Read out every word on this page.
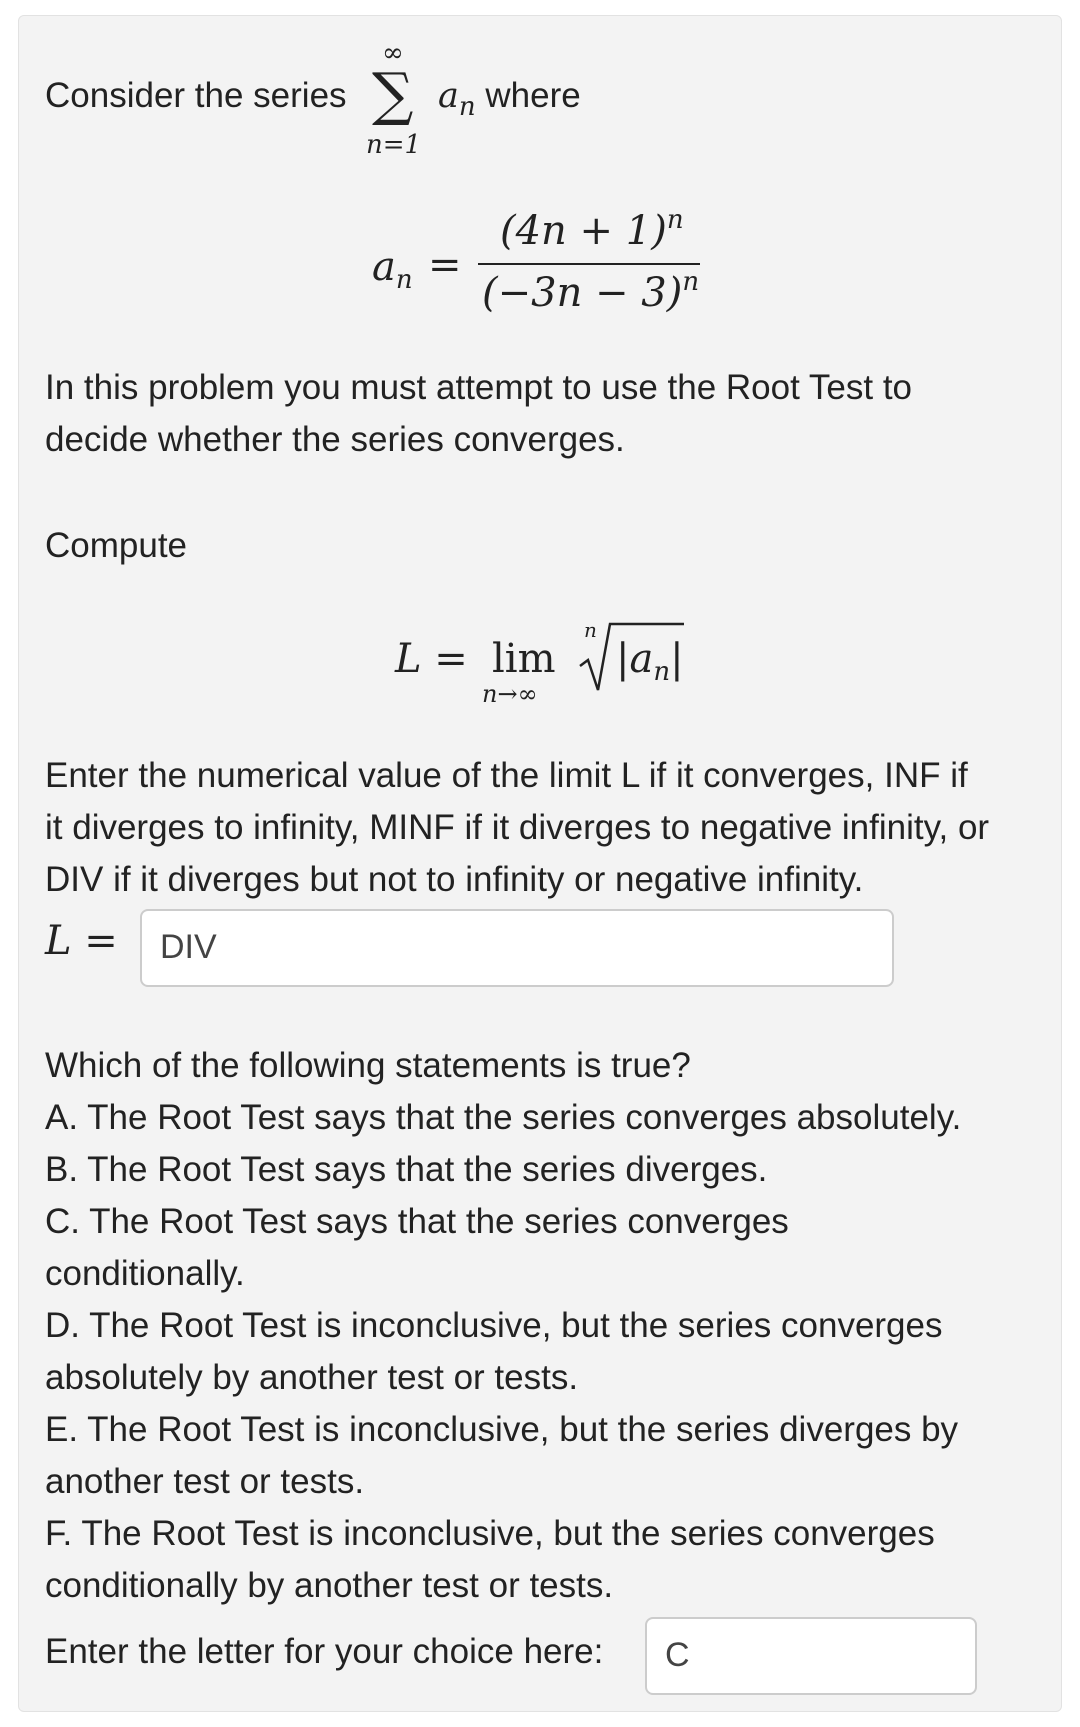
Consider the series
∞
∑
n=1
$a_n$ where
$a_n$ =
$(4n + 1)^n$
$(-3n - 3)^n$
In this problem you must attempt to use the Root Test to
decide whether the series converges.
Compute
L = lim
n→∞
n
$|a_n|$
Enter the numerical value of the limit L if it converges, INF if
it diverges to infinity, MINF if it diverges to negative infinity, or
DIV if it diverges but not to infinity or negative infinity.
L =	DIV
Which of the following statements is true?
A. The Root Test says that the series converges absolutely.
B. The Root Test says that the series diverges.
C. The Root Test says that the series converges
conditionally.
D. The Root Test is inconclusive, but the series converges
absolutely by another test or tests.
E. The Root Test is inconclusive, but the series diverges by
another test or tests.
F. The Root Test is inconclusive, but the series converges
conditionally by another test or tests.
Enter the letter for your choice here:	C
